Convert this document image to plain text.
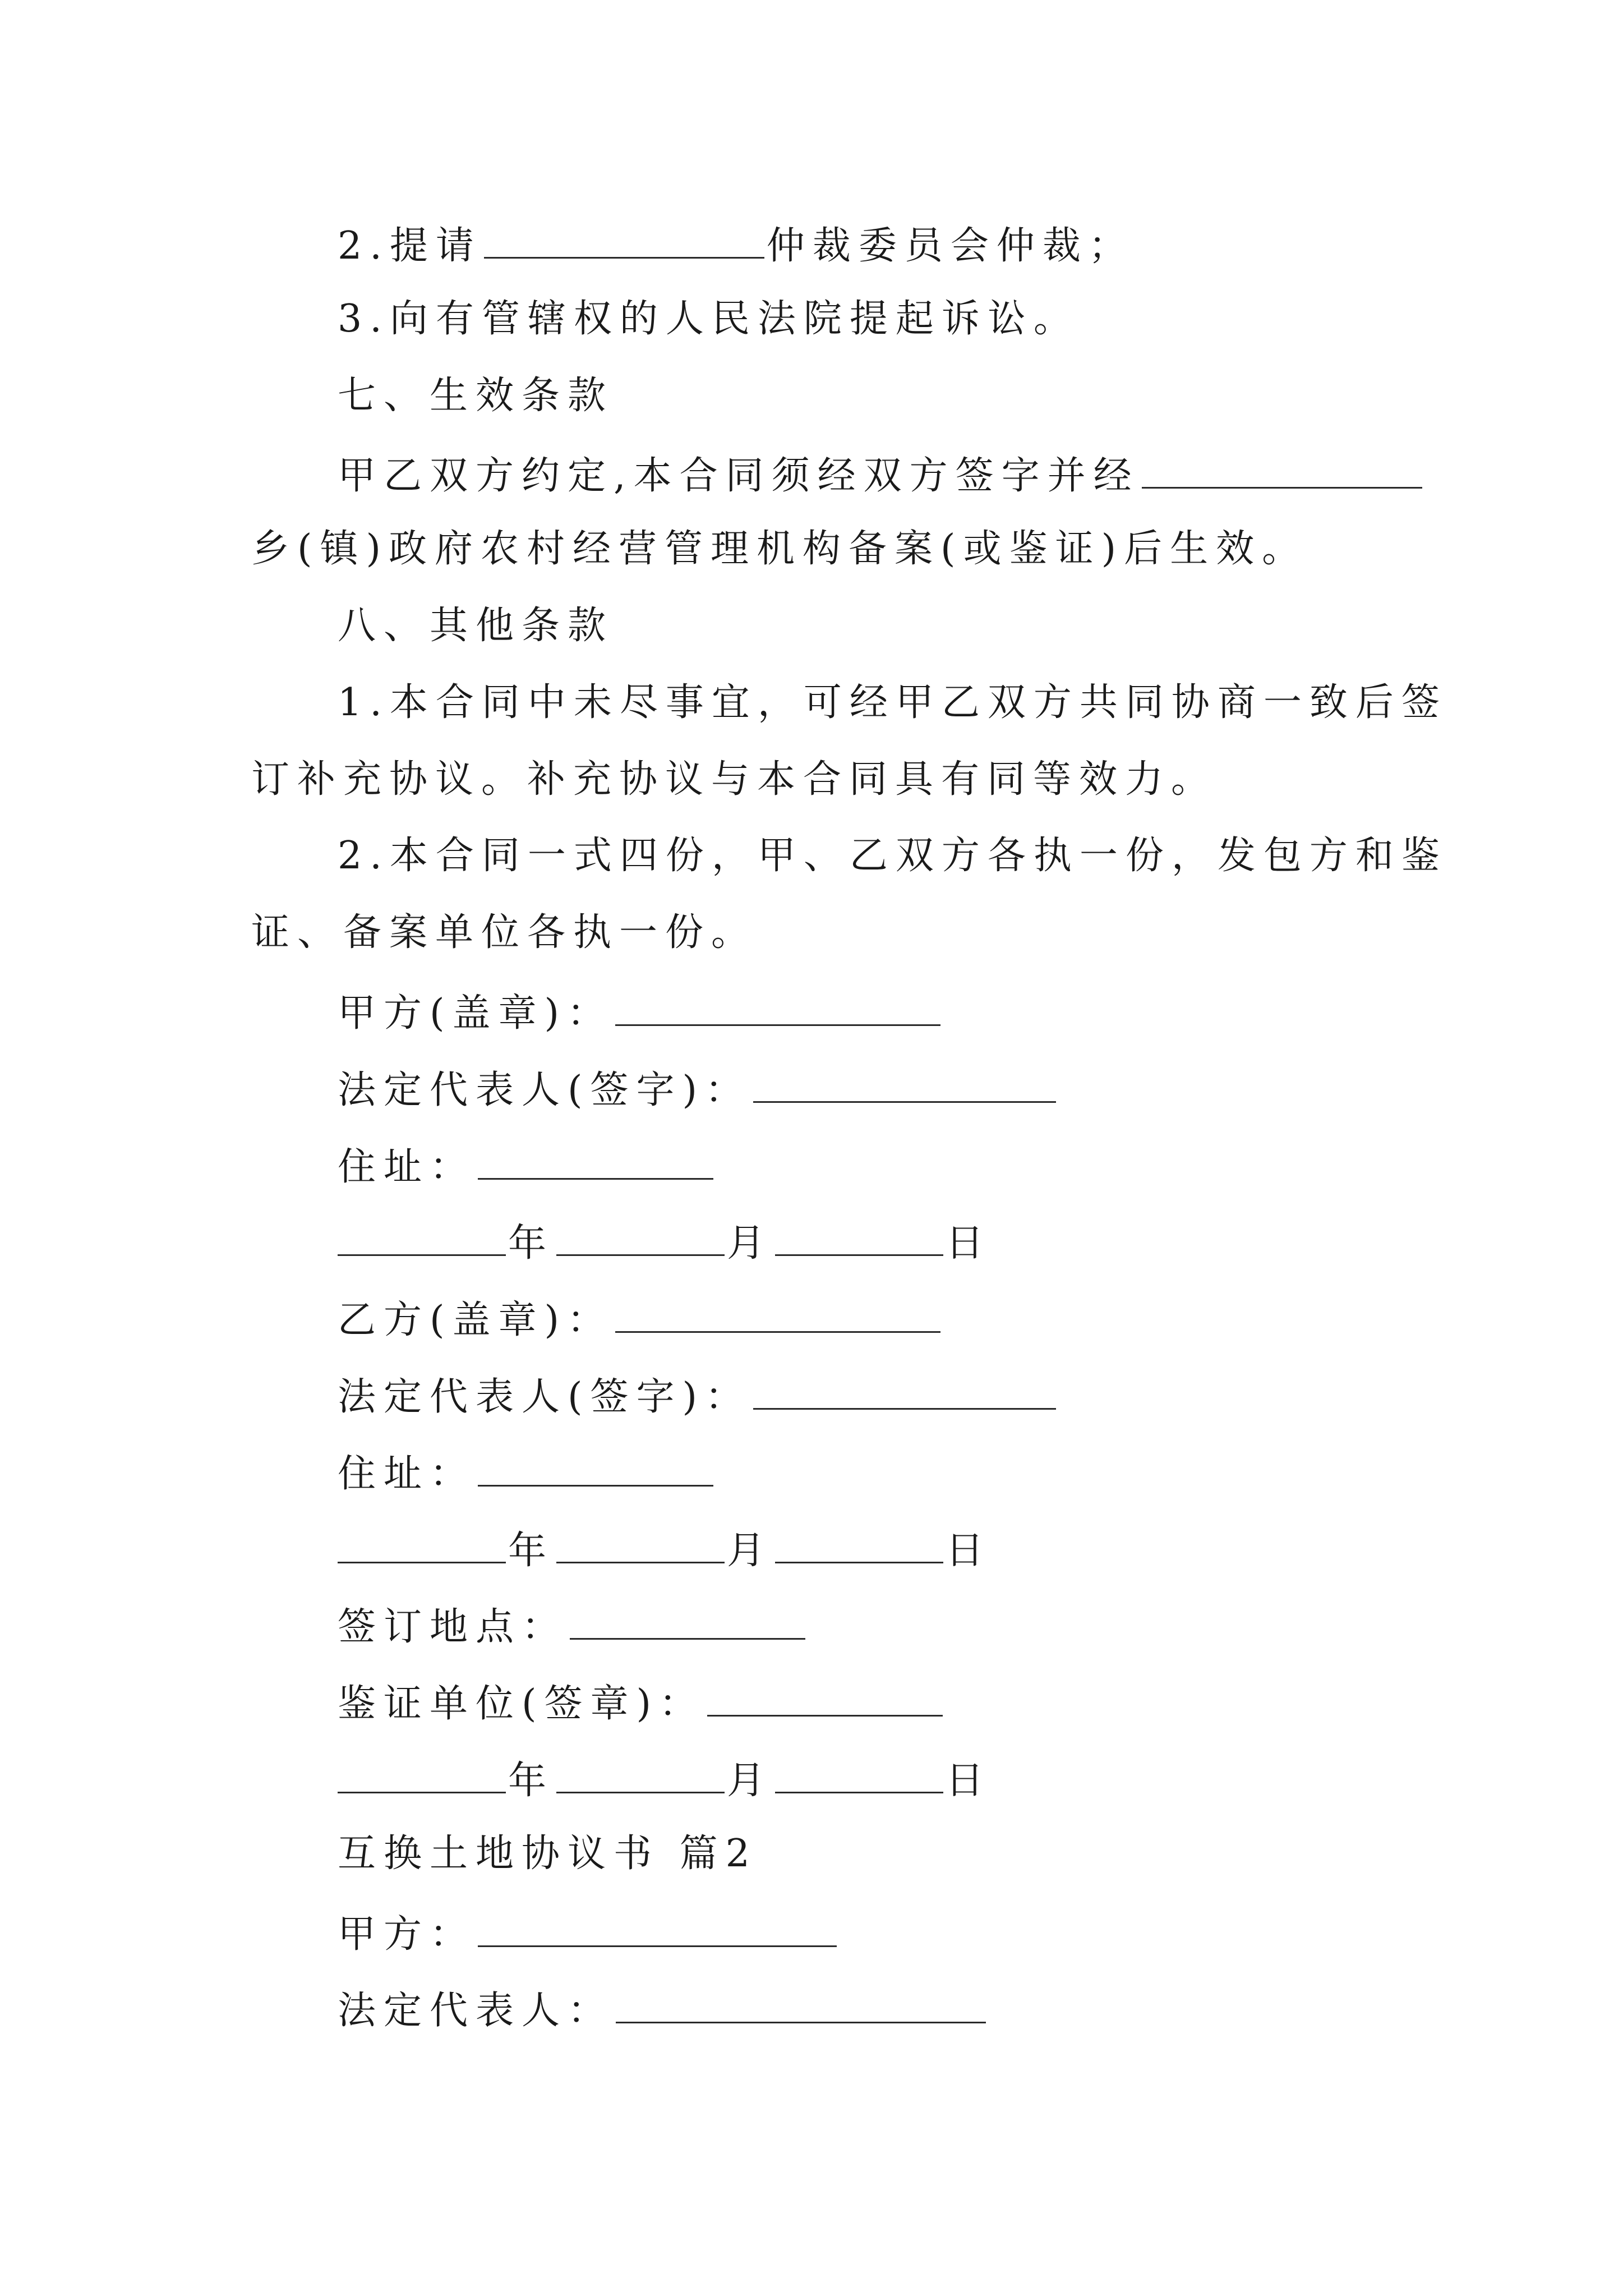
2.提请	仲裁委员会仲裁；
3.向有管辖权的人民法院提起诉讼。
七、生效条款
甲乙双方约定,本合同须经双方签字并经
乡(镇)政府农村经营管理机构备案(或鉴证)后生效。
八、其他条款
1.本合同中未尽事宜，可经甲乙双方共同协商一致后签
订补充协议。补充协议与本合同具有同等效力。
2.本合同一式四份，甲、乙双方各执一份，发包方和鉴
证、备案单位各执一份。
甲方(盖章)：
法定代表人(签字)：
住址：
年	月	日
乙方(盖章)：
法定代表人(签字)：
住址：
年	月	日
签订地点：
鉴证单位(签章)：
年	月	日
互换土地协议书 篇2
甲方：
法定代表人：
